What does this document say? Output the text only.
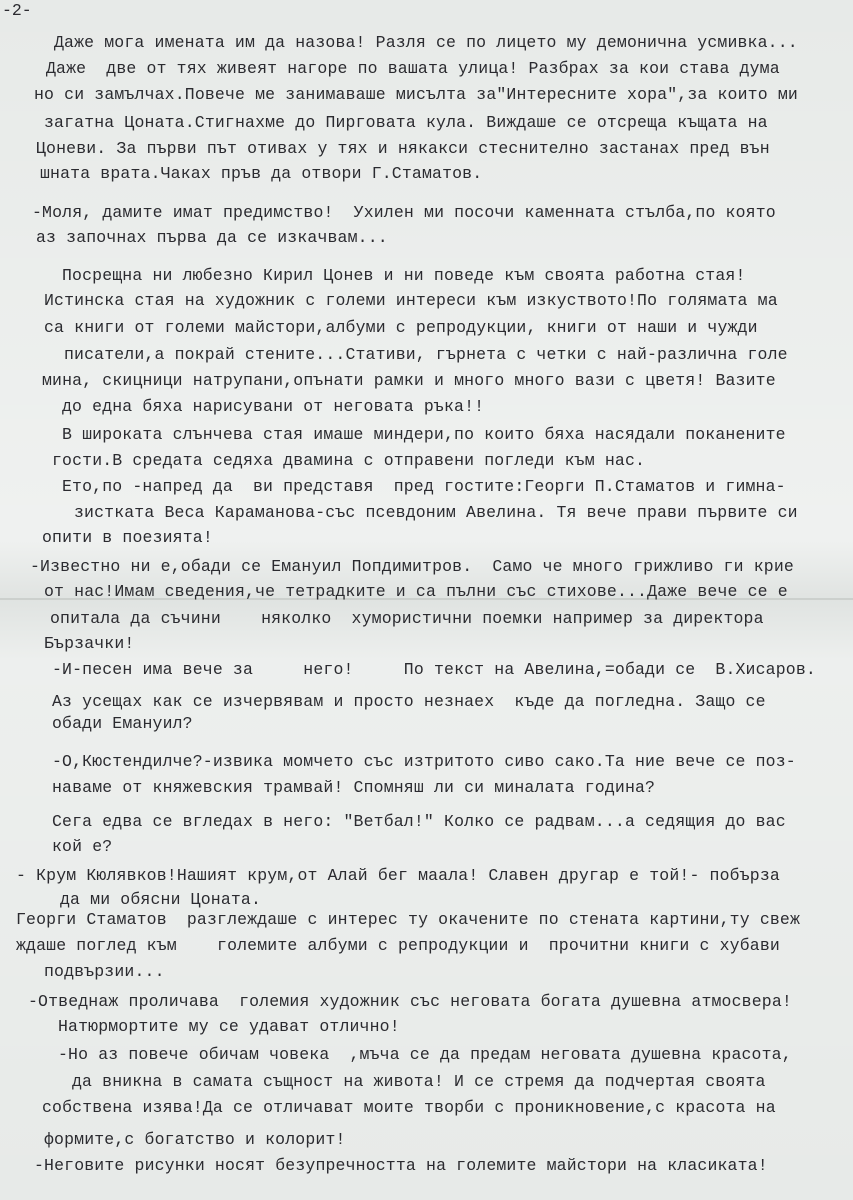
-2-
Даже мога имената им да назова! Разля се по лицето му демонична усмивка...
Даже  две от тях живеят нагоре по вашата улица! Разбрах за кои става дума
но си замълчах.Повече ме занимаваше мисълта за"Интересните хора",за които ми
загатна Цоната.Стигнахме до Пирговата кула. Виждаше се отсреща къщата на
Цоневи. За първи път отивах у тях и някакси стеснително застанах пред вън
шната врата.Чаках пръв да отвори Г.Стаматов.
-Моля, дамите имат предимство!  Ухилен ми посочи каменната стълба,по която
аз започнах първа да се изкачвам...
Посрещна ни любезно Кирил Цонев и ни поведе към своята работна стая!
Истинска стая на художник с големи интереси към изкуството!По голямата ма
са книги от големи майстори,албуми с репродукции, книги от наши и чужди
писатели,а покрай стените...Стативи, гърнета с четки с най-различна голе
мина, скицници натрупани,опънати рамки и много много вази с цветя! Вазите
до една бяха нарисувани от неговата ръка!!
В широката слънчева стая имаше миндери,по които бяха насядали поканените
гости.В средата седяха двамина с отправени погледи към нас.
Ето,по -напред да  ви представя  пред гостите:Георги П.Стаматов и гимна-
зистката Веса Караманова-със псевдоним Авелина. Тя вече прави първите си
опити в поезията!
-Известно ни е,обади се Емануил Попдимитров.  Само че много грижливо ги крие
от нас!Имам сведения,че тетрадките и са пълни със стихове...Даже вече се е
опитала да съчини    няколко  хумористични поемки например за директора
Бързачки!
-И-песен има вече за     него!     По текст на Авелина,=обади се  В.Хисаров.
Аз усещах как се изчервявам и просто незнаех  къде да погледна. Защо се
обади Емануил?
-О,Кюстендилче?-извика момчето със изтритото сиво сако.Та ние вече се поз-
наваме от княжевския трамвай! Спомняш ли си миналата година?
Сега едва се вгледах в него: "Ветбал!" Колко се радвам...а седящия до вас
кой е?
- Крум Кюлявков!Нашият крум,от Алай бег маала! Славен другар е той!- побърза
да ми обясни Цоната.
Георги Стаматов  разглеждаше с интерес ту окачените по стената картини,ту свеж
ждаше поглед към    големите албуми с репродукции и  прочитни книги с хубави
подвързии...
-Отведнаж проличава  големия художник със неговата богата душевна атмосвера!
Натюрмортите му се удават отлично!
-Но аз повече обичам човека  ,мъча се да предам неговата душевна красота,
да вникна в самата същност на живота! И се стремя да подчертая своята
собствена изява!Да се отличават моите творби с проникновение,с красота на
формите,с богатство и колорит!
-Неговите рисунки носят безупречността на големите майстори на класиката!
